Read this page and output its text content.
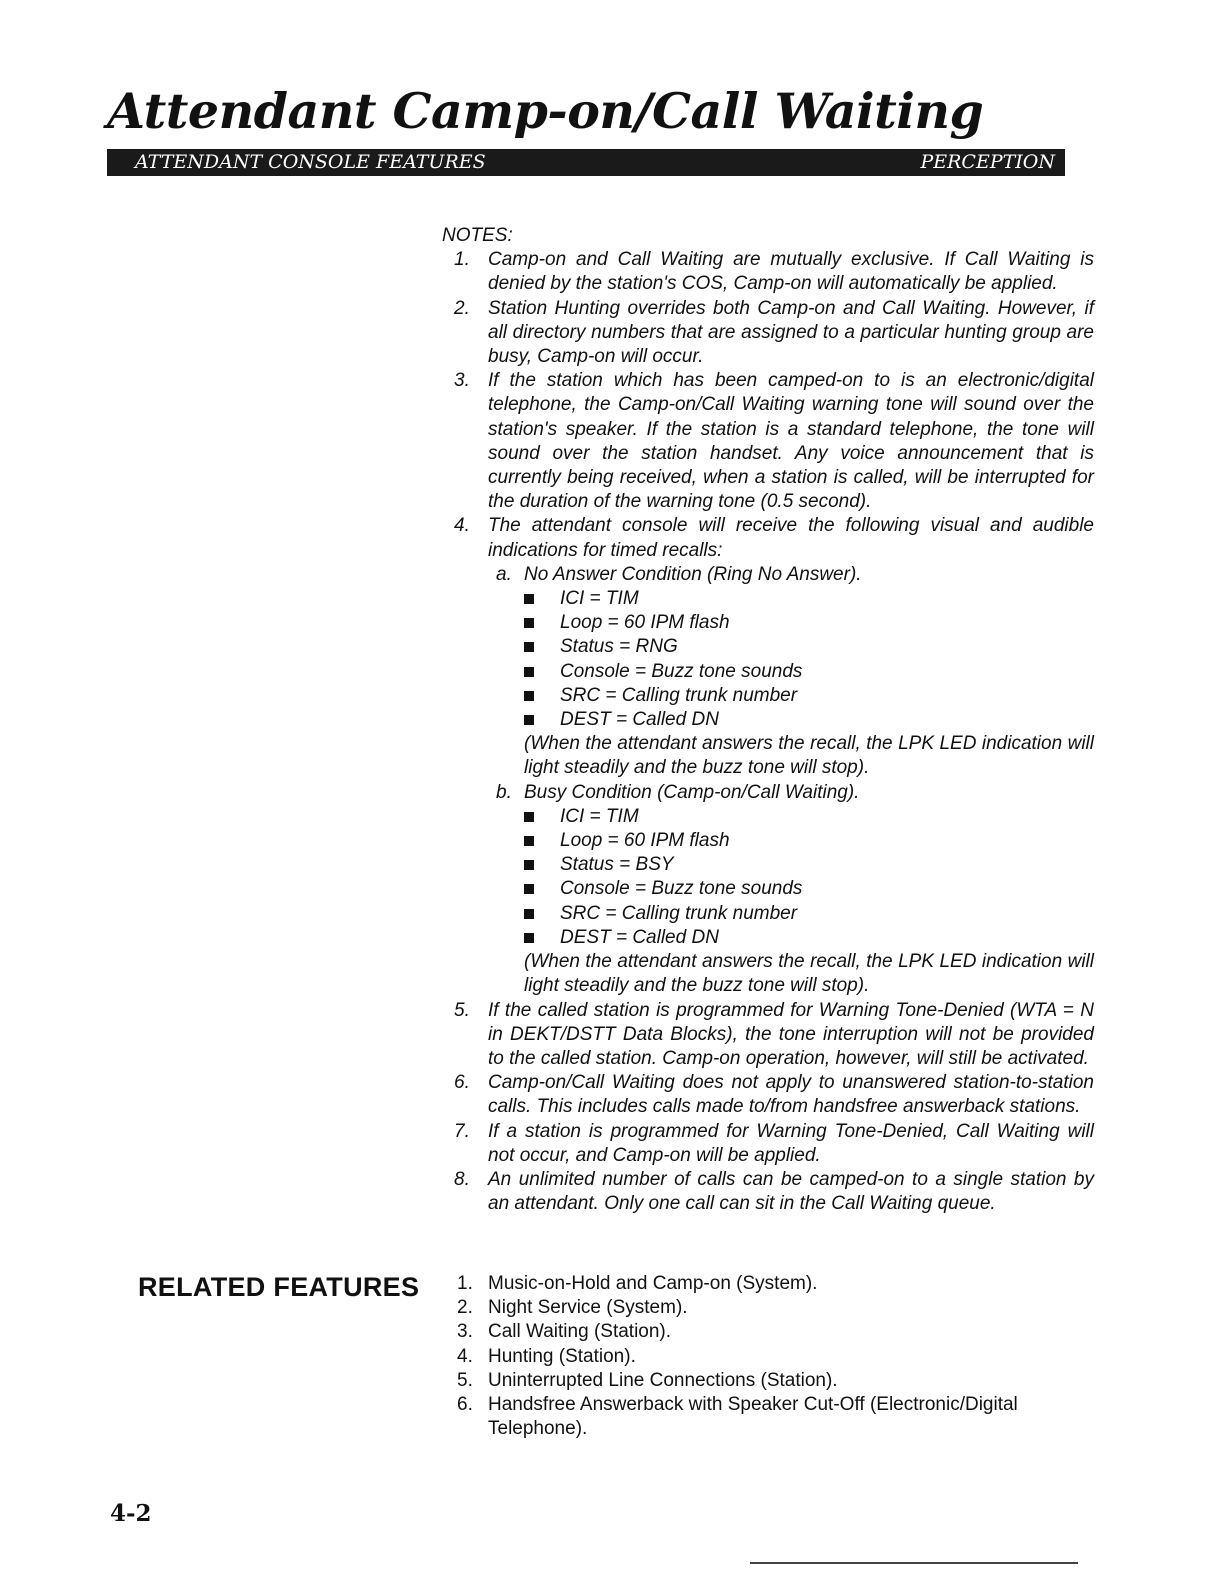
Attendant Camp-on/Call Waiting
ATTENDANT CONSOLE FEATURES	PERCEPTION

NOTES:

1. Camp-on and Call Waiting are mutually exclusive. If Call Waiting is denied by the station's COS, Camp-on will automatically be applied.
2. Station Hunting overrides both Camp-on and Call Waiting. However, if all directory numbers that are assigned to a particular hunting group are busy, Camp-on will occur.
3. If the station which has been camped-on to is an electronic/digital telephone, the Camp-on/Call Waiting warning tone will sound over the station's speaker. If the station is a standard telephone, the tone will sound over the station handset. Any voice announcement that is currently being received, when a station is called, will be interrupted for the duration of the warning tone (0.5 second).
4. The attendant console will receive the following visual and audible indications for timed recalls:
a. No Answer Condition (Ring No Answer).
ICI = TIM
Loop = 60 IPM flash
Status = RNG
Console = Buzz tone sounds
SRC = Calling trunk number
DEST = Called DN

(When the attendant answers the recall, the LPK LED indication will light steadily and the buzz tone will stop).

b. Busy Condition (Camp-on/Call Waiting).
ICI = TIM
Loop = 60 IPM flash
Status = BSY
Console = Buzz tone sounds
SRC = Calling trunk number
DEST = Called DN

(When the attendant answers the recall, the LPK LED indication will light steadily and the buzz tone will stop).

5. If the called station is programmed for Warning Tone-Denied (WTA = N in DEKT/DSTT Data Blocks), the tone interruption will not be provided to the called station. Camp-on operation, however, will still be activated.
6. Camp-on/Call Waiting does not apply to unanswered station-to-station calls. This includes calls made to/from handsfree answerback stations.
7. If a station is programmed for Warning Tone-Denied, Call Waiting will not occur, and Camp-on will be applied.
8. An unlimited number of calls can be camped-on to a single station by an attendant. Only one call can sit in the Call Waiting queue.
RELATED FEATURES 1. Music-on-Hold and Camp-on (System).
2. Night Service (System).
3. Call Waiting (Station).
4. Hunting (Station).
5. Uninterrupted Line Connections (Station).
6. Handsfree Answerback with Speaker Cut-Off (Electronic/Digital Telephone).
4-2
